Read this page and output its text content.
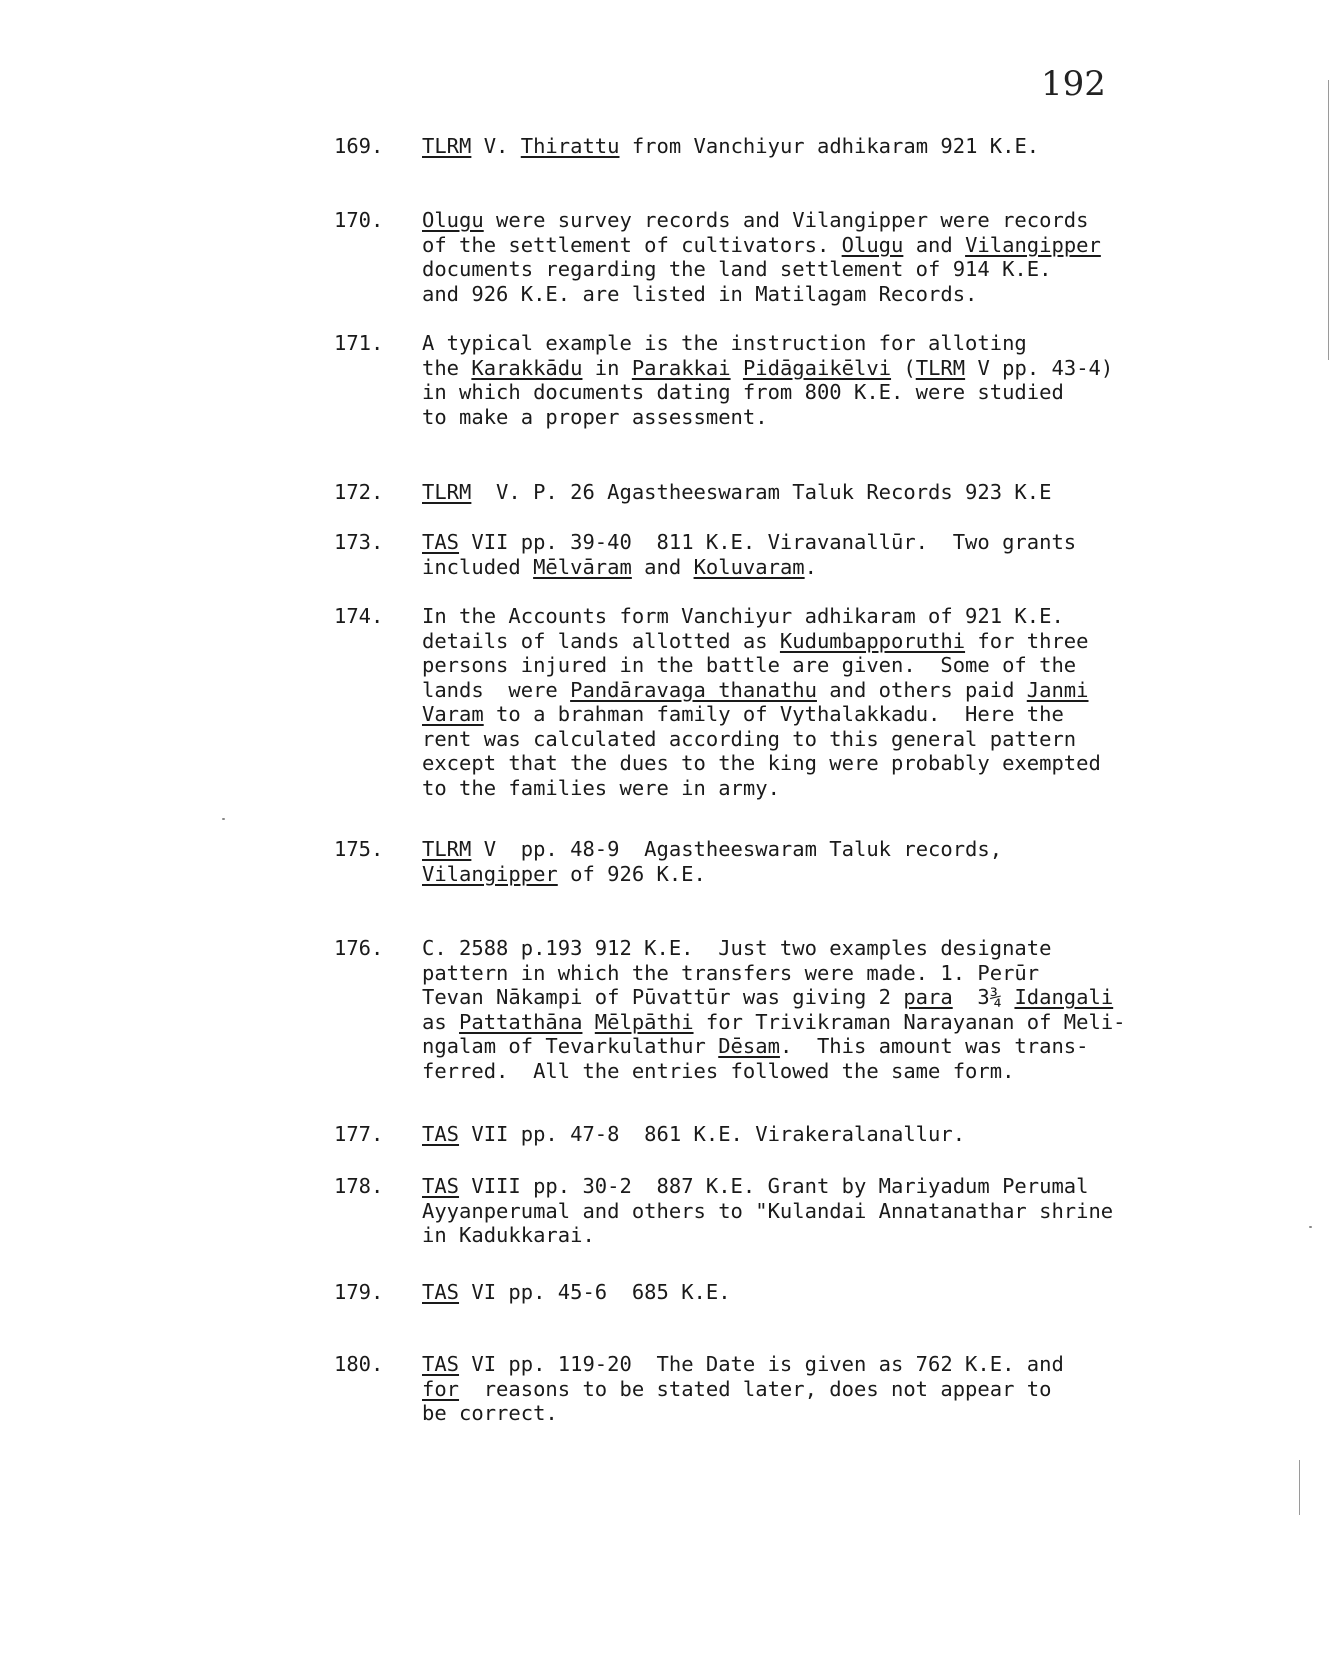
192
169.	TLRM V. Thirattu from Vanchiyur adhikaram 921 K.E.
170.	Olugu were survey records and Vilangipper were records
of the settlement of cultivators. Olugu and Vilangipper
documents regarding the land settlement of 914 K.E.
and 926 K.E. are listed in Matilagam Records.
171.	A typical example is the instruction for alloting
the Karakkādu in Parakkai Pidāgaikēlvi (TLRM V pp. 43-4)
in which documents dating from 800 K.E. were studied
to make a proper assessment.
172.	TLRM  V. P. 26 Agastheeswaram Taluk Records 923 K.E
173.	TAS VII pp. 39-40  811 K.E. Viravanallūr.  Two grants
included Mēlvāram and Koluvaram.
174.	In the Accounts form Vanchiyur adhikaram of 921 K.E.
details of lands allotted as Kudumbapporuthi for three
persons injured in the battle are given.  Some of the
lands  were Pandāravaga thanathu and others paid Janmi
Varam to a brahman family of Vythalakkadu.  Here the
rent was calculated according to this general pattern
except that the dues to the king were probably exempted
to the families were in army.
175.	TLRM V  pp. 48-9  Agastheeswaram Taluk records,
Vilangipper of 926 K.E.
176.	C. 2588 p.193 912 K.E.  Just two examples designate
pattern in which the transfers were made. 1. Perūr
Tevan Nākampi of Pūvattūr was giving 2 para  3¾ Idangali
as Pattathāna Mēlpāthi for Trivikraman Narayanan of Meli-
ngalam of Tevarkulathur Dēsam.  This amount was trans-
ferred.  All the entries followed the same form.
177.	TAS VII pp. 47-8  861 K.E. Virakeralanallur.
178.	TAS VIII pp. 30-2  887 K.E. Grant by Mariyadum Perumal
Ayyanperumal and others to "Kulandai Annatanathar shrine
in Kadukkarai.
179.	TAS VI pp. 45-6  685 K.E.
180.	TAS VI pp. 119-20  The Date is given as 762 K.E. and
for  reasons to be stated later, does not appear to
be correct.
